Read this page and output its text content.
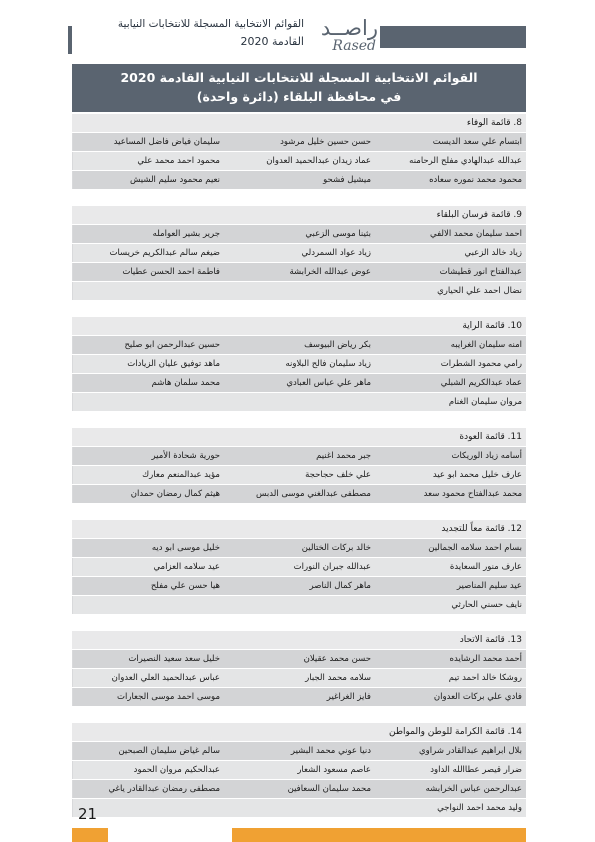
القوائم الانتخابية المسجلة للانتخابات النيابية
القادمة 2020
راصــد
Rased
القوائم الانتخابية المسجلة للانتخابات النيابية القادمة 2020
في محافظة البلقاء (دائرة واحدة)
8. قائمة الوفاء
ابتسام علي سعد الديست
حسن حسين خليل مرشود
سليمان فياض فاضل المساعيد
عبدالله عبدالهادي مفلح الرحامنه
عماد زيدان عبدالحميد العدوان
محمود احمد محمد علي
محمود محمد نموره سعاده
ميشيل فشحو
نعيم محمود سليم الشيش
9. قائمة فرسان البلقاء
احمد سليمان محمد الالفي
بثينا موسى الزعبي
جرير بشير العوامله
زياد خالد الزعبي
زياد عواد السمردلي
ضيغم سالم عبدالكريم خريسات
عبدالفتاح انور قطيشات
عوض عبدالله الخرابشة
فاطمة احمد الحسن عطيات
نضال احمد علي الحياري
10. قائمة الراية
امنه سليمان الغرايبه
بكر رياض البيوسف
حسين عبدالرحمن ابو صليح
رامي محمود الشطرات
زياد سليمان فالح البلاونه
ماهد توفيق عليان الزيادات
عماد عبدالكريم الشبلي
ماهر علي عباس العبادي
محمد سلمان هاشم
مروان سليمان الغنام
11. قائمة العودة
أسامه زياد الوريكات
جبر محمد اغنيم
حورية شحادة الأمير
عارف خليل محمد ابو عيد
علي خلف حجاحجة
مؤيد عبدالمنعم معارك
محمد عبدالفتاح محمود سعد
مصطفى عبدالغني موسى الدبس
هيثم كمال رمضان حمدان
12. قائمة معاً للتجديد
بسام احمد سلامه الجمالين
خالد بركات الختالين
خليل موسى ابو ديه
عارف منور السعايدة
عبدالله جبران النورات
عيد سلامه العزامي
عيد سليم المناصير
ماهر كمال الناصر
هيا حسن علي مفلح
نايف حسني الحارثي
13. قائمة الاتحاد
أحمد محمد الرشايده
حسن محمد عقيلان
خليل سعد سعيد النصيرات
روشكا خالد احمد تيم
سلامه محمد الجبار
عباس عبدالحميد العلي العدوان
فادي علي بركات العدوان
فايز الغراغير
موسى احمد موسى الجعارات
14. قائمة الكرامة للوطن والمواطن
بلال ابراهيم عبدالقادر شراوي
دنيا عوني محمد البشير
سالم غياض سليمان الصبحين
ضرار قيصر عطاالله الداود
عاصم مسعود الشعار
عبدالحكيم مروان الحمود
عبدالرحمن عباس الخرابشه
محمد سليمان السعافين
مصطفى رمضان عبدالقادر ياغي
وليد محمد احمد النواجي
21
